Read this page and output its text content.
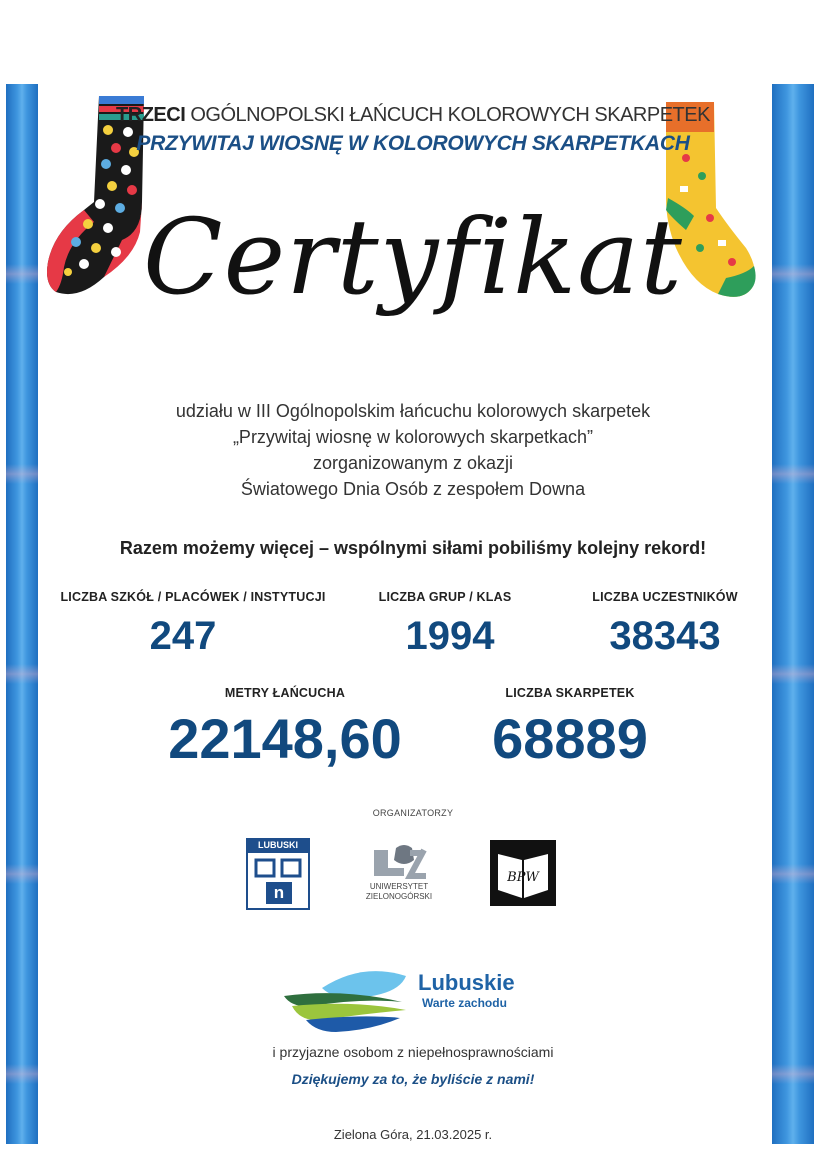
TRZECI OGÓLNOPOLSKI ŁAŃCUCH KOLOROWYCH SKARPETEK
PRZYWITAJ WIOSNĘ W KOLOROWYCH SKARPETKACH
Certyfikat
udziału w III Ogólnopolskim łańcuchu kolorowych skarpetek
„Przywitaj wiosnę w kolorowych skarpetkach”
zorganizowanym z okazji
Światowego Dnia Osób z zespołem Downa
Razem możemy więcej – wspólnymi siłami pobiliśmy kolejny rekord!
LICZBA SZKÓŁ / PLACÓWEK / INSTYTUCJI
247
LICZBA GRUP / KLAS
1994
LICZBA UCZESTNIKÓW
38343
METRY ŁAŃCUCHA
22148,60
LICZBA SKARPETEK
68889
ORGANIZATORZY
LUBUSKI
n	UNIWERSYTET
ZIELONOGÓRSKI
BPW
Lubuskie
Warte zachodu
i przyjazne osobom z niepełnosprawnościami
Dziękujemy za to, że byliście z nami!
Zielona Góra, 21.03.2025 r.
